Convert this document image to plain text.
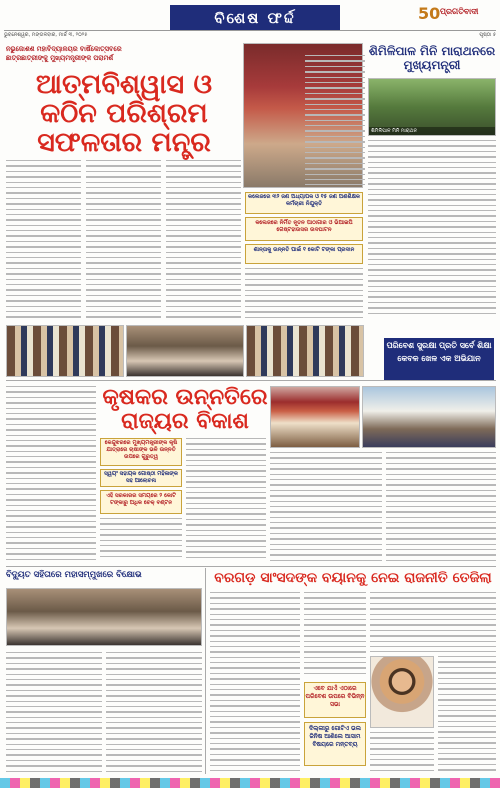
ବିଶେଷ ଫର୍ଦ୍ଦ	50 ପ୍ରଗତିବାଦୀ
ଭୁବନେଶ୍ୱର, ମଙ୍ଗଳବାର, ମାର୍ଚ୍ଚ ୩, ୨୦୨୫	ପୃଷ୍ଠା ୫
ନଭୁଜୋଶଶ ମହାବିଦ୍ୟାଳୟର ବାର୍ଷିକୋତ୍ସବରେ
ଛାତ୍ରଛାତ୍ରୀଙ୍କୁ ମୁଖ୍ୟମନ୍ତ୍ରୀଙ୍କ ପରାମର୍ଶ
ଆତ୍ମବିଶ୍ୱାସ ଓ କଠିନ ପରିଶ୍ରମ ସଫଳତାର ମନ୍ତ୍ର
କଲେଜରେ ୩୨ ଜଣ ଅଧ୍ୟାପକ ଓ ୧୫ ଜଣ ଅଣଶିକ୍ଷକ କର୍ମଚାରୀ ନିଯୁକ୍ତି
କଲେଜରେ ନିର୍ମିତ ନୂତନ ପାଠାଗାର ଓ ଭିଆଇପି ଗେଷ୍ଟହାଉସର ଉଦଘାଟନ
ଶାନ୍ତାକୁ ଉନ୍ନତି ପାଇଁ ୧ କୋଟି ଟଙ୍କା ପ୍ରଦାନ
ଶିମିଳିପାଳ ମିନି ମାରାଥନରେ ମୁଖ୍ୟମନ୍ତ୍ରୀ
ଶିମିଳିପାଳ ମିନି ମାରାଥନ
ପରିବେଶ ସୁରକ୍ଷା ପ୍ରତି ସର୍ବେ ଶିକ୍ଷା କେବଳ ଖେଳ ଏକ ଅଭିଯାନ
କୃଷକର ଉନ୍ନତିରେ ରାଜ୍ୟର ବିକାଶ
କେନ୍ଦୁଝରରେ ମୁଖ୍ୟମନ୍ତ୍ରୀଙ୍କ କୃଷି ଯାତ୍ରାରେ ଚାଷୀଙ୍କ ଭଳି ଉନ୍ନତି ଉପରେ ଗୁରୁତ୍ୱ
ସ୍ୱୟଂ ସହାୟକ ଗୋଷ୍ଠୀ ମହିଳାଙ୍କ ସହ ଆଲୋଚନା
ଏହି ସରକାରର ସମୟରେ ୨ କୋଟି ଟଙ୍କାରୁ ଅଧିକ ଚେକ୍ ବଣ୍ଟନ
ବିଦ୍ୟୁତ ସହିତାରେ ମହାସମ୍ମୁଖରେ ବିକ୍ଷୋଭ	ବରଗଡ଼ ସାଂସଦଙ୍କ ବୟାନକୁ ନେଇ ରାଜନୀତି ତେଜିଲା
ଏବେ ଯାଏଁ ଏଠାରେ ପରିବେଶ ଉପରେ ବିଭିନ୍ନ ସଭା
ଦିଲ୍ଲୀରୁ ଗୋଟିଏ ଭଲ ଜିନିଷ ଆଣିଲେ ଆସାମ ବିଷୟରେ ମନ୍ତବ୍ୟ
